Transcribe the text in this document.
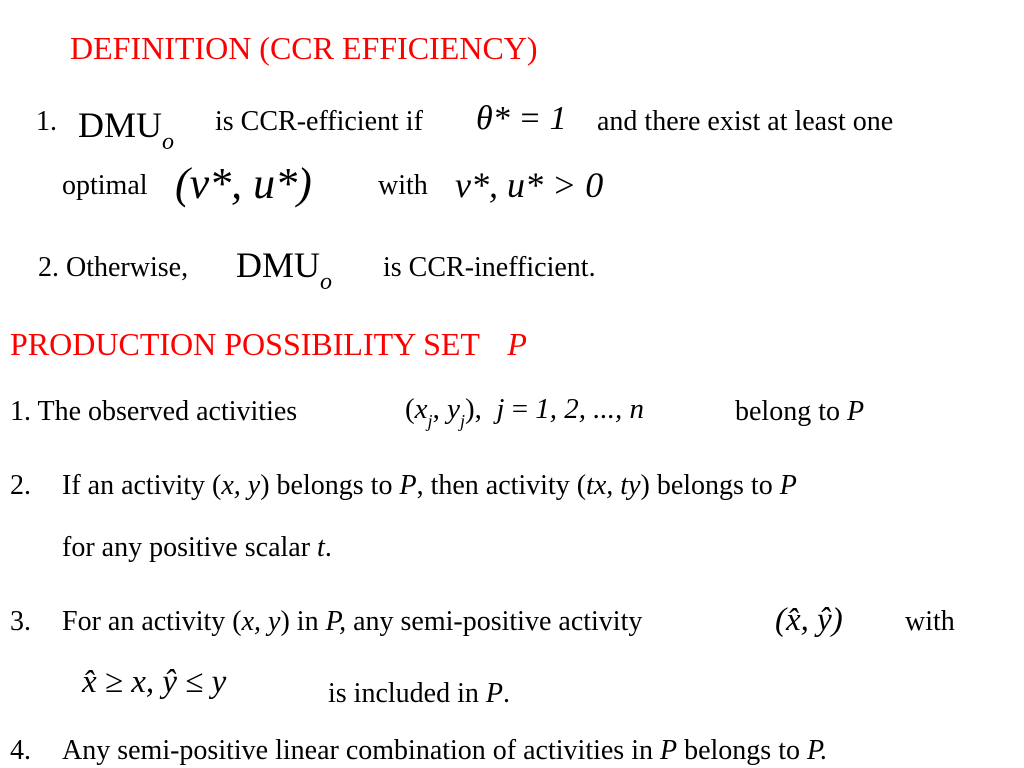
DEFINITION (CCR EFFICIENCY)
1. $DMU_o$
is CCR-efficient if θ* = 1 and there exist at least one
optimal (v*, u*) with v*, u* > 0
2. Otherwise, $DMU_o$ is CCR-inefficient.
PRODUCTION POSSIBILITY SET P
1. The observed activities	($x_j$, $y_j$),  j = 1, 2, ..., n	belong to P
2. If an activity (x, y) belongs to P, then activity (tx, ty) belongs to P
for any positive scalar t.
3. For an activity (x, y) in P, any semi-positive activity	(x̂, ŷ) with
x̂ ≥ x, ŷ ≤ y	is included in P.
4. Any semi-positive linear combination of activities in P belongs to P.
